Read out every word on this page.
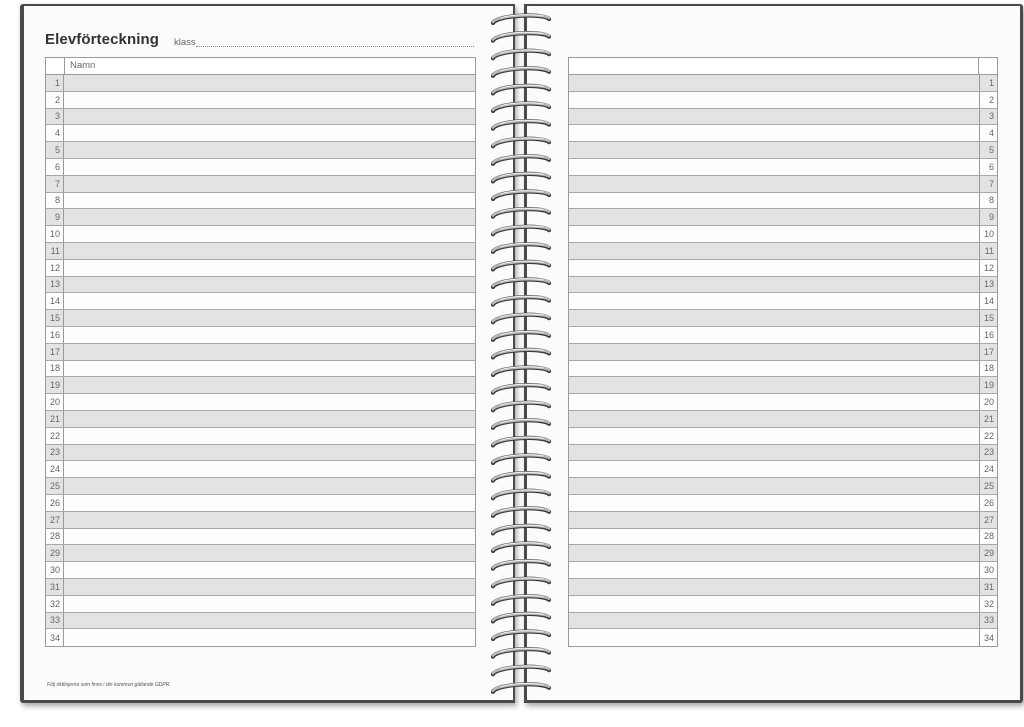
Elevförteckning klass
Namn
1
2
3
4
5
6
7
8
9
10
11
12
13
14
15
16
17
18
19
20
21
22
23
24
25
26
27
28
29
30
31
32
33
34
Följ riktlinjerna som finns i din kommun gällande GDPR.
1
2
3
4
5
6
7
8
9
10
11
12
13
14
15
16
17
18
19
20
21
22
23
24
25
26
27
28
29
30
31
32
33
34
